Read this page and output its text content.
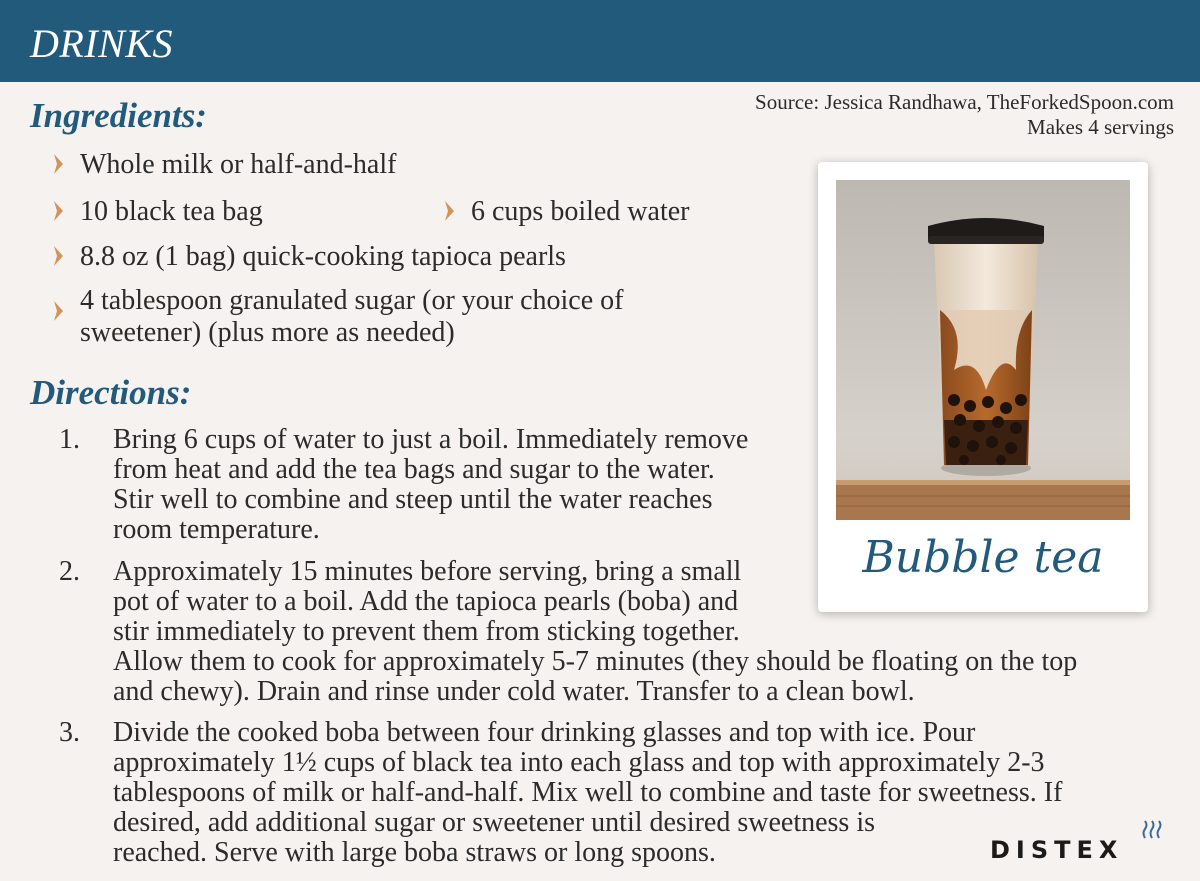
DRINKS
Ingredients:	Source: Jessica Randhawa, TheForkedSpoon.com
Makes 4 servings
Whole milk or half-and-half
10 black tea bag	6 cups boiled water
8.8 oz (1 bag) quick-cooking tapioca pearls
4 tablespoon granulated sugar (or your choice of
sweetener) (plus more as needed)
Directions:
1. Bring 6 cups of water to just a boil. Immediately remove
from heat and add the tea bags and sugar to the water.
Stir well to combine and steep until the water reaches
room temperature.
2. Approximately 15 minutes before serving, bring a small
pot of water to a boil. Add the tapioca pearls (boba) and
stir immediately to prevent them from sticking together.
Allow them to cook for approximately 5-7 minutes (they should be floating on the top
and chewy). Drain and rinse under cold water. Transfer to a clean bowl.
3. Divide the cooked boba between four drinking glasses and top with ice. Pour
approximately 1½ cups of black tea into each glass and top with approximately 2-3
tablespoons of milk or half-and-half. Mix well to combine and taste for sweetness. If
desired, add additional sugar or sweetener until desired sweetness is
reached. Serve with large boba straws or long spoons.
Bubble tea
DISTEX
